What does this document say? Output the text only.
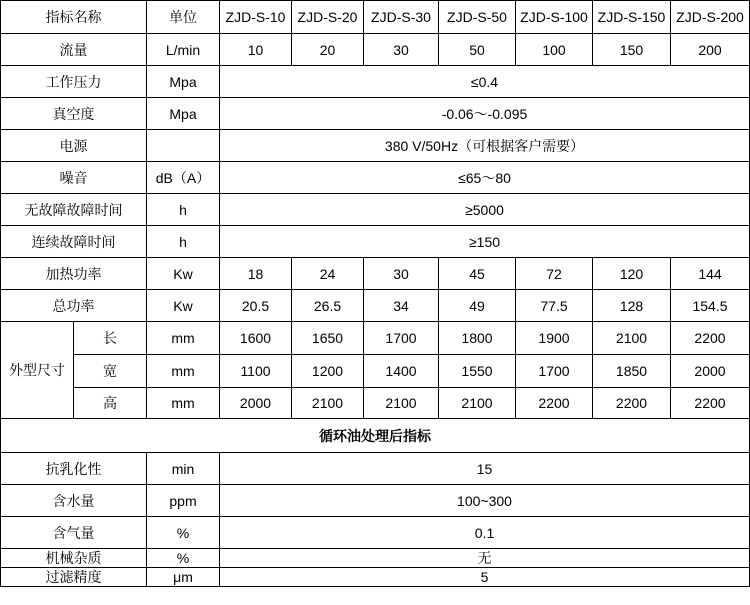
指标名称		单位	ZJD-S-10	ZJD-S-20	ZJD-S-30	ZJD-S-50	ZJD-S-100	ZJD-S-150	ZJD-S-200
流量		L/min	10	20	30	50	100	150	200
工作压力		Mpa	≤0.4						
真空度		Mpa	-0.06～-0.095						
电源			380 V/50Hz（可根据客户需要）						
噪音		dB（A）	≤65～80						
无故障故障时间		h	≥5000						
连续故障时间		h	≥150						
加热功率		Kw	18	24	30	45	72	120	144
总功率		Kw	20.5	26.5	34	49	77.5	128	154.5
外型尺寸	长	mm	1600	1650	1700	1800	1900	2100	2200
	宽	mm	1100	1200	1400	1550	1700	1850	2000
	高	mm	2000	2100	2100	2100	2200	2200	2200
循环油处理后指标									
抗乳化性		min	15						
含水量		ppm	100~300						
含气量		%	0.1						
机械杂质		%	无						
过滤精度		μm	5						
